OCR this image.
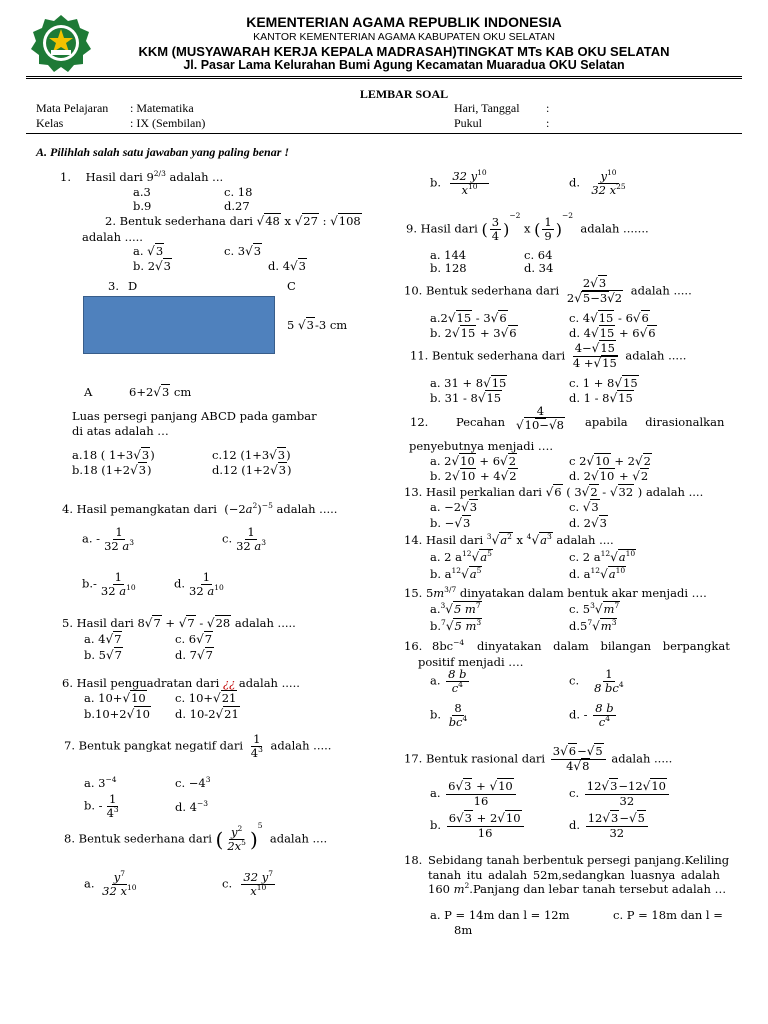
KEMENTERIAN AGAMA REPUBLIK INDONESIA
KANTOR KEMENTERIAN AGAMA KABUPATEN OKU SELATAN
KKM (MUSYAWARAH KERJA KEPALA MADRASAH)TINGKAT MTs KAB OKU SELATAN
Jl. Pasar Lama Kelurahan Bumi Agung Kecamatan Muaradua OKU Selatan
LEMBAR SOAL
Mata Pelajaran : Matematika
Kelas	: IX (Sembilan)
Hari, Tanggal :
Pukul	:
A. Pilihlah salah satu jawaban yang paling benar !
1. Hasil dari $9^{2/3}$ adalah ...
a.3
b.9
c. 18
d.27
2. Bentuk sederhana dari √48 x √27 : √108
adalah .....
a. √3
b. 2√3
c. 3√3
d. 4√3
3. D	C
5 √3-3 cm
A	6+2√3 cm
Luas persegi panjang ABCD pada gambar
di atas adalah …
a.18 ( 1+3√3)
b.18 (1+2√3)
c.12 (1+3√3)
d.12 (1+2√3)
4. Hasil pemangkatan dari $(-2a^2)^{-5}$ adalah .....
a. - $\frac{1}{32 a^3}$	c. $\frac{1}{32 a^3}$
$b.- \frac{1}{32 a^{10}}$	d. $\frac{1}{32 a^{10}}$
5. Hasil dari 8√7 + √7 - √28 adalah .....
a. 4√7
b. 5√7
c. 6√7
d. 7√7
6. Hasil penguadratan dari ¿¿ adalah .....
a. 10+√10
b.10+2√10
c. 10+√21
d. 10-2√21
7. Bentuk pangkat negatif dari $\frac{1}{4^3}$ adalah .....
a. $3^{-4}$	c. $-4^3$
b. - $\frac{1}{4^3}$	d. $4^{-3}$
8. Bentuk sederhana dari ( $\frac{y^2}{2x^5} )^5$  adalah ....
a. $\frac{y^7}{32 x^{10}}$	c. $\frac{32 y^7}{x^{10}}$
b. $\frac{32 y^{10}}{x^{10}}$	d. $\frac{y^{10}}{32 x^{25}}$
9. Hasil dari ( $\frac{3}{4} )^{-2}$ x ( $\frac{1}{9} )^{-2}$  adalah .......
a. 144
b. 128
c. 64
d. 34
10. Bentuk sederhana dari $\frac{2√3}{2√5-3√2}$ adalah .....
a.2√15 - 3√6
b. 2√15 + 3√6
c. 4√15 - 6√6
d. 4√15 + 6√6
11. Bentuk sederhana dari $\frac{4-√15}{4 +√15}$ adalah .....
a. 31 + 8√15
b. 31 - 8√15
c. 1 + 8√15
d. 1 - 8√15
12. Pecahan $\frac{4}{√10-√8}$ apabila dirasionalkan
penyebutnya menjadi ….
a. 2√10 + 6√2
b. 2√10 + 4√2
c 2√10 + 2√2
d. 2√10 + √2
13. Hasil perkalian dari √6 ( 3√2 - √32 ) adalah ....
a. −2√3
b. −√3
c. √3
d. 2√3
14. Hasil dari $^3√a^2$ x $^4√a^3$ adalah ....
a. 2 $a^{12}√a^5$
b. $a^{12}√a^5$
c. 2 $a^{12}√a^{10}$
d. $a^{12}√a^{10}$
15. $5m^{3/7}$ dinyatakan dalam bentuk akar menjadi ….
a.$^3$√5 $m^7$
b.$^7$√5 $m^3$
c. $5^3√m^7$
$d.5^7√m^3$
16. $8bc^{-4}$ dinyatakan dalam bilangan berpangkat
positif menjadi ….
a. $\frac{8 b}{c^4}$
b. $\frac{8}{bc^4}$
c. $\frac{1}{8 bc^4}$
d. - $\frac{8 b}{c^4}$
17. Bentuk rasional dari $\frac{3√6-√5}{4√8}$ adalah .....
a. $\frac{6√3 + √10}{16}$
b. $\frac{6√3 + 2√10}{16}$
c. $\frac{12√3-12√10}{32}$
d. $\frac{12√3-√5}{32}$
18. Sebidang tanah berbentuk persegi panjang.Keliling
tanah itu adalah 52m,sedangkan luasnya adalah
160 $m^2.Panjang$ dan lebar tanah tersebut adalah …
a. P = 14m dan l = 12m
8m
c. P = 18m dan l =
